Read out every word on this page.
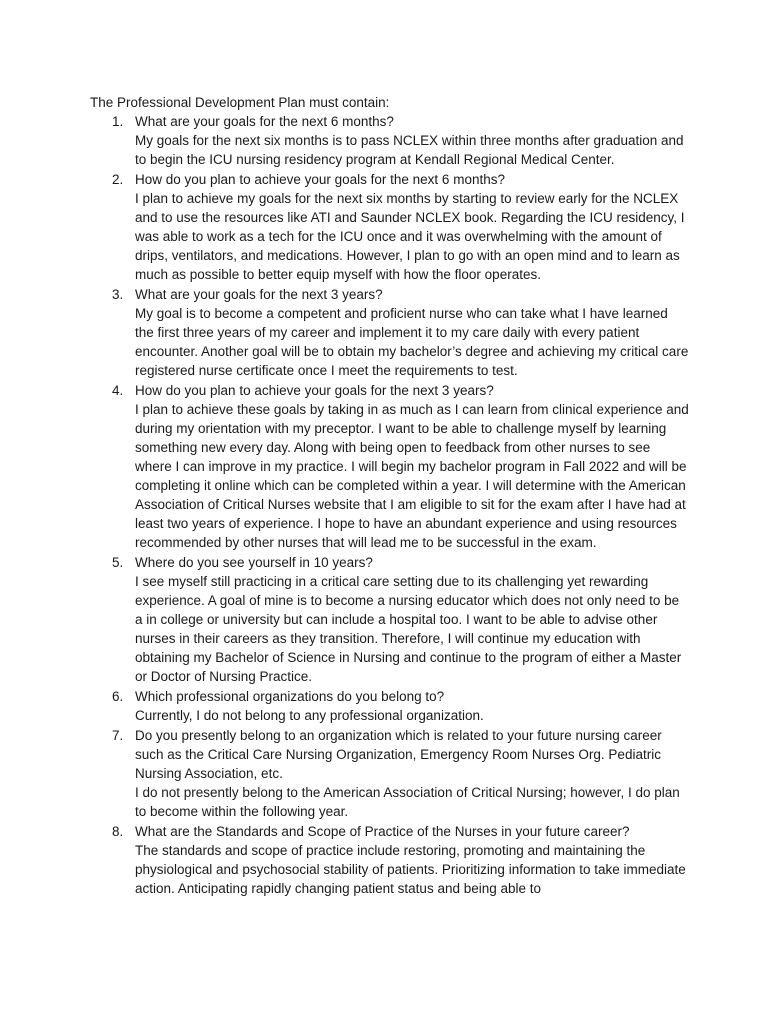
The Professional Development Plan must contain:

1. What are your goals for the next 6 months?
My goals for the next six months is to pass NCLEX within three months after graduation and to begin the ICU nursing residency program at Kendall Regional Medical Center.
2. How do you plan to achieve your goals for the next 6 months?
I plan to achieve my goals for the next six months by starting to review early for the NCLEX and to use the resources like ATI and Saunder NCLEX book. Regarding the ICU residency, I was able to work as a tech for the ICU once and it was overwhelming with the amount of drips, ventilators, and medications. However, I plan to go with an open mind and to learn as much as possible to better equip myself with how the floor operates.
3. What are your goals for the next 3 years?
My goal is to become a competent and proficient nurse who can take what I have learned the first three years of my career and implement it to my care daily with every patient encounter. Another goal will be to obtain my bachelor’s degree and achieving my critical care registered nurse certificate once I meet the requirements to test.
4. How do you plan to achieve your goals for the next 3 years?
I plan to achieve these goals by taking in as much as I can learn from clinical experience and during my orientation with my preceptor. I want to be able to challenge myself by learning something new every day. Along with being open to feedback from other nurses to see where I can improve in my practice. I will begin my bachelor program in Fall 2022 and will be completing it online which can be completed within a year. I will determine with the American Association of Critical Nurses website that I am eligible to sit for the exam after I have had at least two years of experience. I hope to have an abundant experience and using resources recommended by other nurses that will lead me to be successful in the exam.
5. Where do you see yourself in 10 years?
I see myself still practicing in a critical care setting due to its challenging yet rewarding experience. A goal of mine is to become a nursing educator which does not only need to be a in college or university but can include a hospital too. I want to be able to advise other nurses in their careers as they transition. Therefore, I will continue my education with obtaining my Bachelor of Science in Nursing and continue to the program of either a Master or Doctor of Nursing Practice.
6. Which professional organizations do you belong to?
Currently, I do not belong to any professional organization.
7. Do you presently belong to an organization which is related to your future nursing career such as the Critical Care Nursing Organization, Emergency Room Nurses Org. Pediatric Nursing Association, etc.
I do not presently belong to the American Association of Critical Nursing; however, I do plan to become within the following year.
8. What are the Standards and Scope of Practice of the Nurses in your future career?
The standards and scope of practice include restoring, promoting and maintaining the physiological and psychosocial stability of patients. Prioritizing information to take immediate action. Anticipating rapidly changing patient status and being able to
